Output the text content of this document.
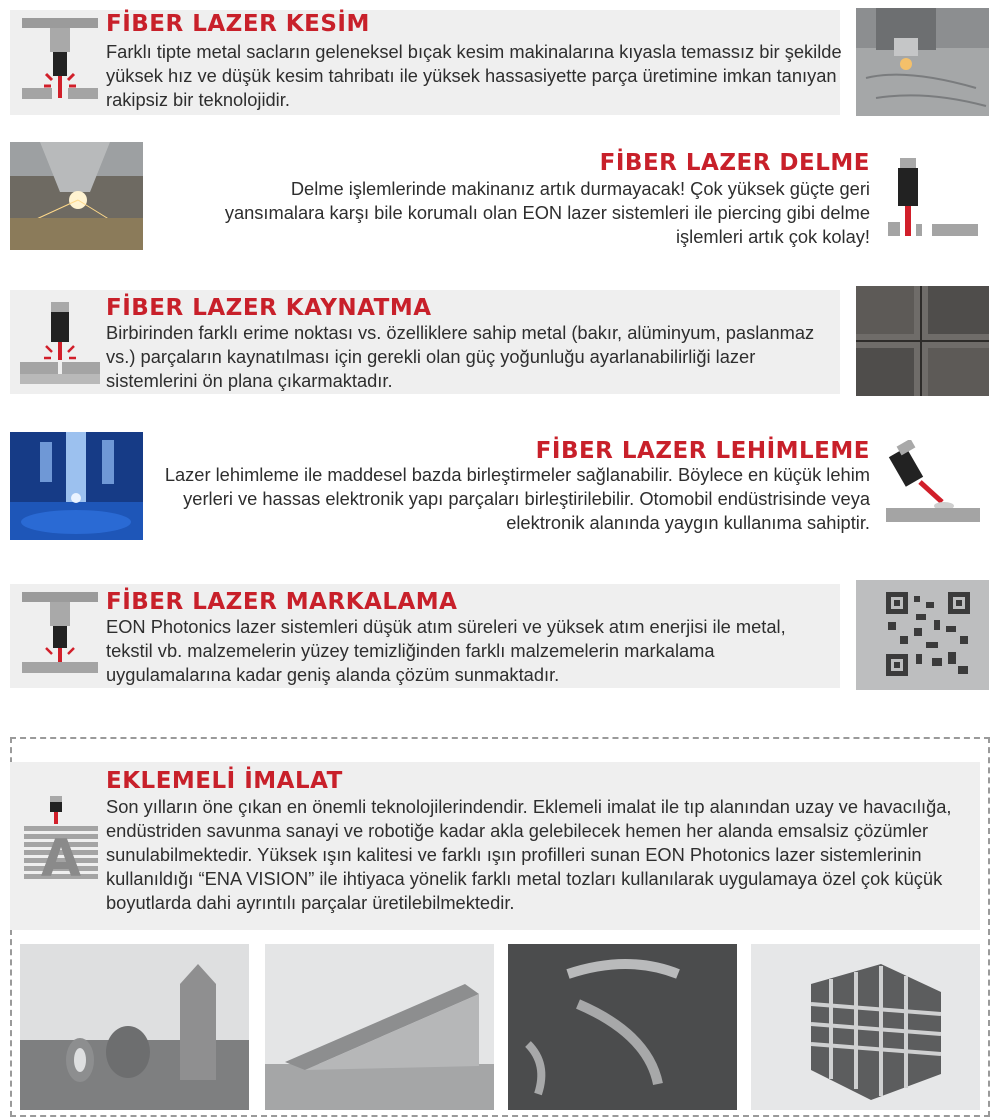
FİBER LAZER KESİM
Farklı tipte metal sacların geleneksel bıçak kesim makinalarına kıyasla temassız bir şekilde yüksek hız ve düşük kesim tahribatı ile yüksek hassasiyette parça üretimine imkan tanıyan rakipsiz bir teknolojidir.
FİBER LAZER DELME
Delme işlemlerinde makinanız artık durmayacak! Çok yüksek güçte geri yansımalara karşı bile korumalı olan EON lazer sistemleri ile piercing gibi delme işlemleri artık çok kolay!
FİBER LAZER KAYNATMA
Birbirinden farklı erime noktası vs. özelliklere sahip metal (bakır, alüminyum, paslanmaz vs.) parçaların kaynatılması için gerekli olan güç yoğunluğu ayarlanabilirliği lazer sistemlerini ön plana çıkarmaktadır.
FİBER LAZER LEHİMLEME
Lazer lehimleme ile maddesel bazda birleştirmeler sağlanabilir. Böylece en küçük lehim yerleri ve hassas elektronik yapı parçaları birleştirilebilir. Otomobil endüstrisinde veya elektronik alanında yaygın kullanıma sahiptir.
FİBER LAZER MARKALAMA
EON Photonics lazer sistemleri düşük atım süreleri ve yüksek atım enerjisi ile metal, tekstil vb. malzemelerin yüzey temizliğinden farklı malzemelerin markalama uygulamalarına kadar geniş alanda çözüm sunmaktadır.
A
EKLEMELİ İMALAT
Son yılların öne çıkan en önemli teknolojilerindendir. Eklemeli imalat ile tıp alanından uzay ve havacılığa, endüstriden savunma sanayi ve robotiğe kadar akla gelebilecek hemen her alanda emsalsiz çözümler sunulabilmektedir. Yüksek ışın kalitesi ve farklı ışın profilleri sunan EON Photonics lazer sistemlerinin kullanıldığı “ENA VISION” ile ihtiyaca yönelik farklı metal tozları kullanılarak uygulamaya özel çok küçük boyutlarda dahi ayrıntılı parçalar üretilebilmektedir.
